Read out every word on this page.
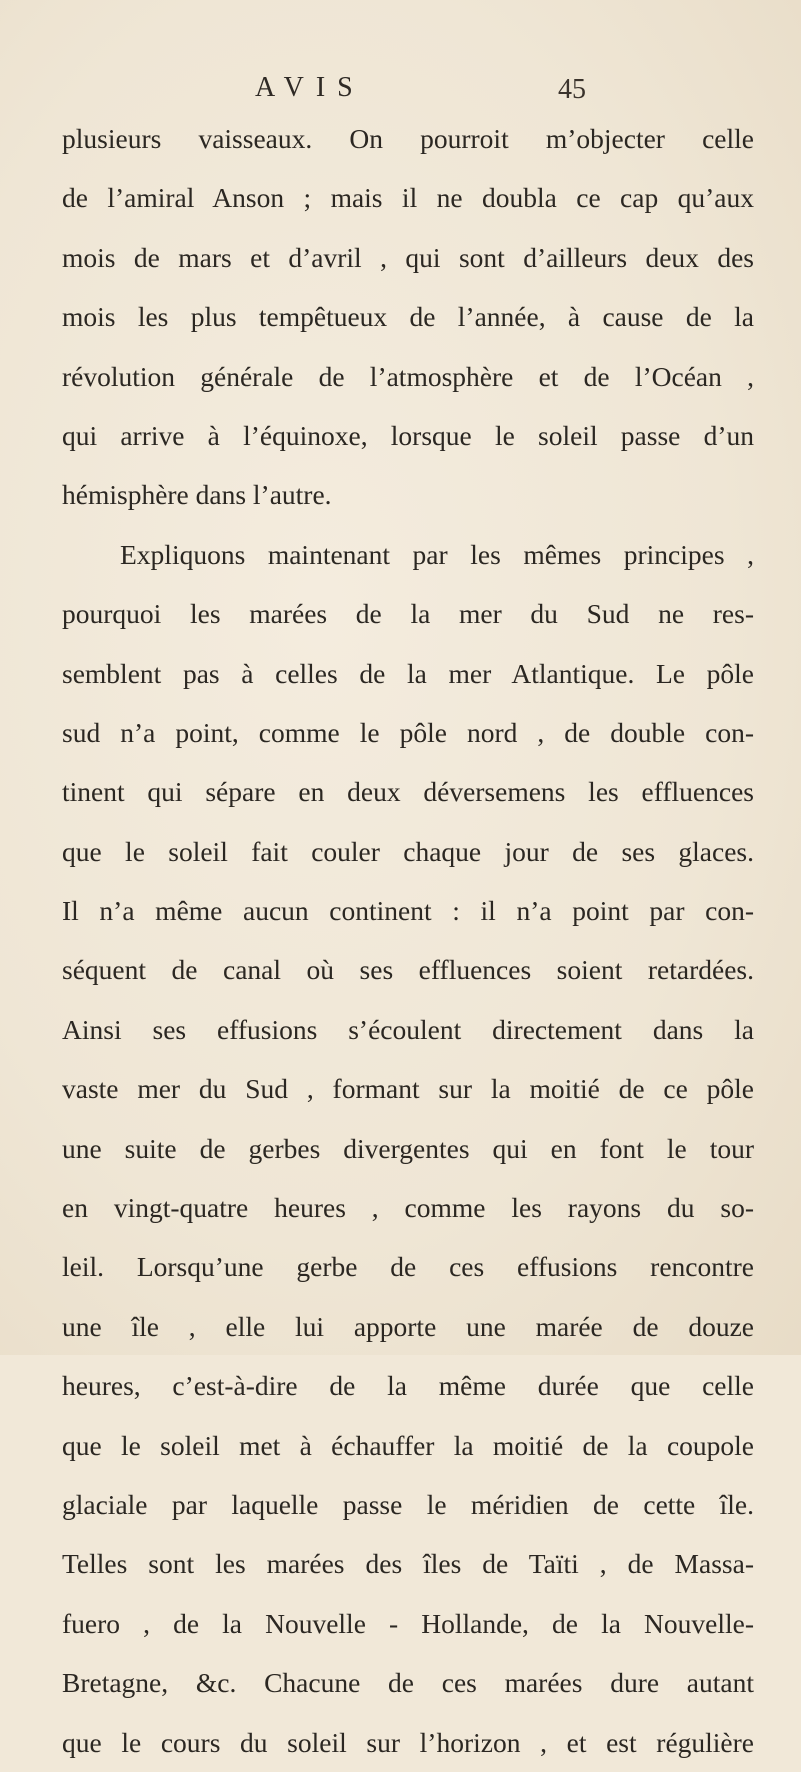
AVIS	45
plusieurs vaisseaux. On pourroit m’objecter celle
de l’amiral Anson ; mais il ne doubla ce cap qu’aux
mois de mars et d’avril , qui sont d’ailleurs deux des
mois les plus tempêtueux de l’année, à cause de la
révolution générale de l’atmosphère et de l’Océan ,
qui arrive à l’équinoxe, lorsque le soleil passe d’un
hémisphère dans l’autre.
Expliquons maintenant par les mêmes principes ,
pourquoi les marées de la mer du Sud ne res-
semblent pas à celles de la mer Atlantique. Le pôle
sud n’a point, comme le pôle nord , de double con-
tinent qui sépare en deux déversemens les effluences
que le soleil fait couler chaque jour de ses glaces.
Il n’a même aucun continent : il n’a point par con-
séquent de canal où ses effluences soient retardées.
Ainsi ses effusions s’écoulent directement dans la
vaste mer du Sud , formant sur la moitié de ce pôle
une suite de gerbes divergentes qui en font le tour
en vingt-quatre heures , comme les rayons du so-
leil. Lorsqu’une gerbe de ces effusions rencontre
une île , elle lui apporte une marée de douze
heures, c’est-à-dire de la même durée que celle
que le soleil met à échauffer la moitié de la coupole
glaciale par laquelle passe le méridien de cette île.
Telles sont les marées des îles de Taïti , de Massa-
fuero , de la Nouvelle - Hollande, de la Nouvelle-
Bretagne, &c. Chacune de ces marées dure autant
que le cours du soleil sur l’horizon , et est régulière
